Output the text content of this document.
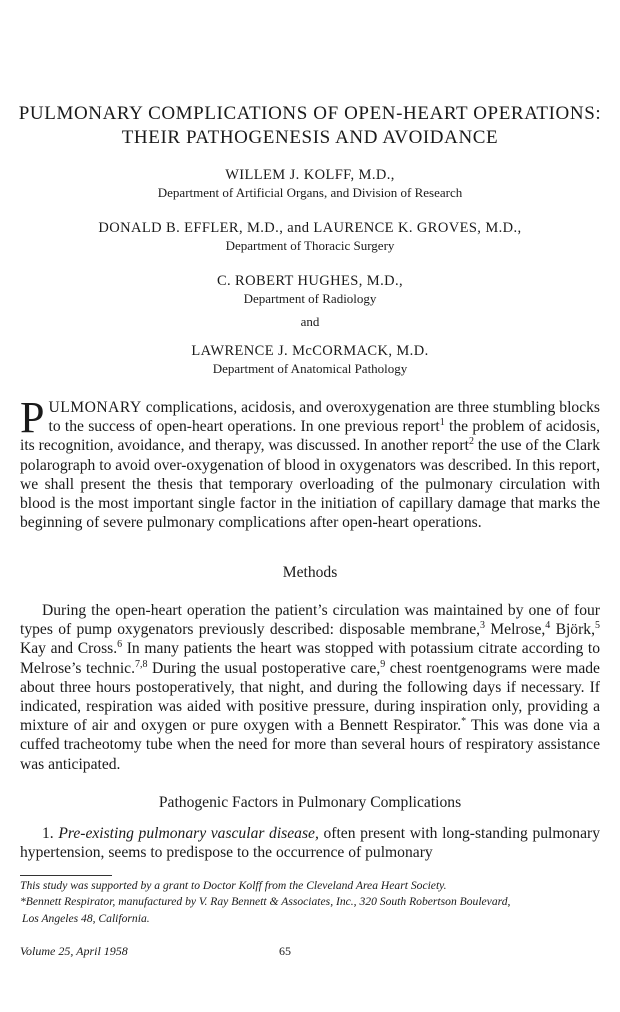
PULMONARY COMPLICATIONS OF OPEN-HEART OPERATIONS:
THEIR PATHOGENESIS AND AVOIDANCE
WILLEM J. KOLFF, M.D.,
Department of Artificial Organs, and Division of Research
DONALD B. EFFLER, M.D., and LAURENCE K. GROVES, M.D.,
Department of Thoracic Surgery
C. ROBERT HUGHES, M.D.,
Department of Radiology
and
LAWRENCE J. McCORMACK, M.D.
Department of Anatomical Pathology
PULMONARY complications, acidosis, and overoxygenation are three stumbling blocks to the success of open-heart operations. In one previous report$^1$ the problem of acidosis, its recognition, avoidance, and therapy, was discussed. In another report$^2$ the use of the Clark polarograph to avoid over-oxygenation of blood in oxygenators was described. In this report, we shall present the thesis that temporary overloading of the pulmonary circulation with blood is the most important single factor in the initiation of capillary damage that marks the beginning of severe pulmonary complications after open-heart operations.
Methods
During the open-heart operation the patient’s circulation was maintained by one of four types of pump oxygenators previously described: disposable membrane,$^3$ Melrose,$^4$ Björk,$^5$ Kay and Cross.$^6$ In many patients the heart was stopped with potassium citrate according to Melrose’s technic.$^{7,8}$ During the usual postoperative care,$^9$ chest roentgenograms were made about three hours postoperatively, that night, and during the following days if necessary. If indicated, respiration was aided with positive pressure, during inspiration only, providing a mixture of air and oxygen or pure oxygen with a Bennett Respirator.* This was done via a cuffed tracheotomy tube when the need for more than several hours of respiratory assistance was anticipated.
Pathogenic Factors in Pulmonary Complications
1. Pre-existing pulmonary vascular disease, often present with long-standing pulmonary hypertension, seems to predispose to the occurrence of pulmonary
This study was supported by a grant to Doctor Kolff from the Cleveland Area Heart Society.
*Bennett Respirator, manufactured by V. Ray Bennett & Associates, Inc., 320 South Robertson Boulevard,
Los Angeles 48, California.
Volume 25, April 1958	65
